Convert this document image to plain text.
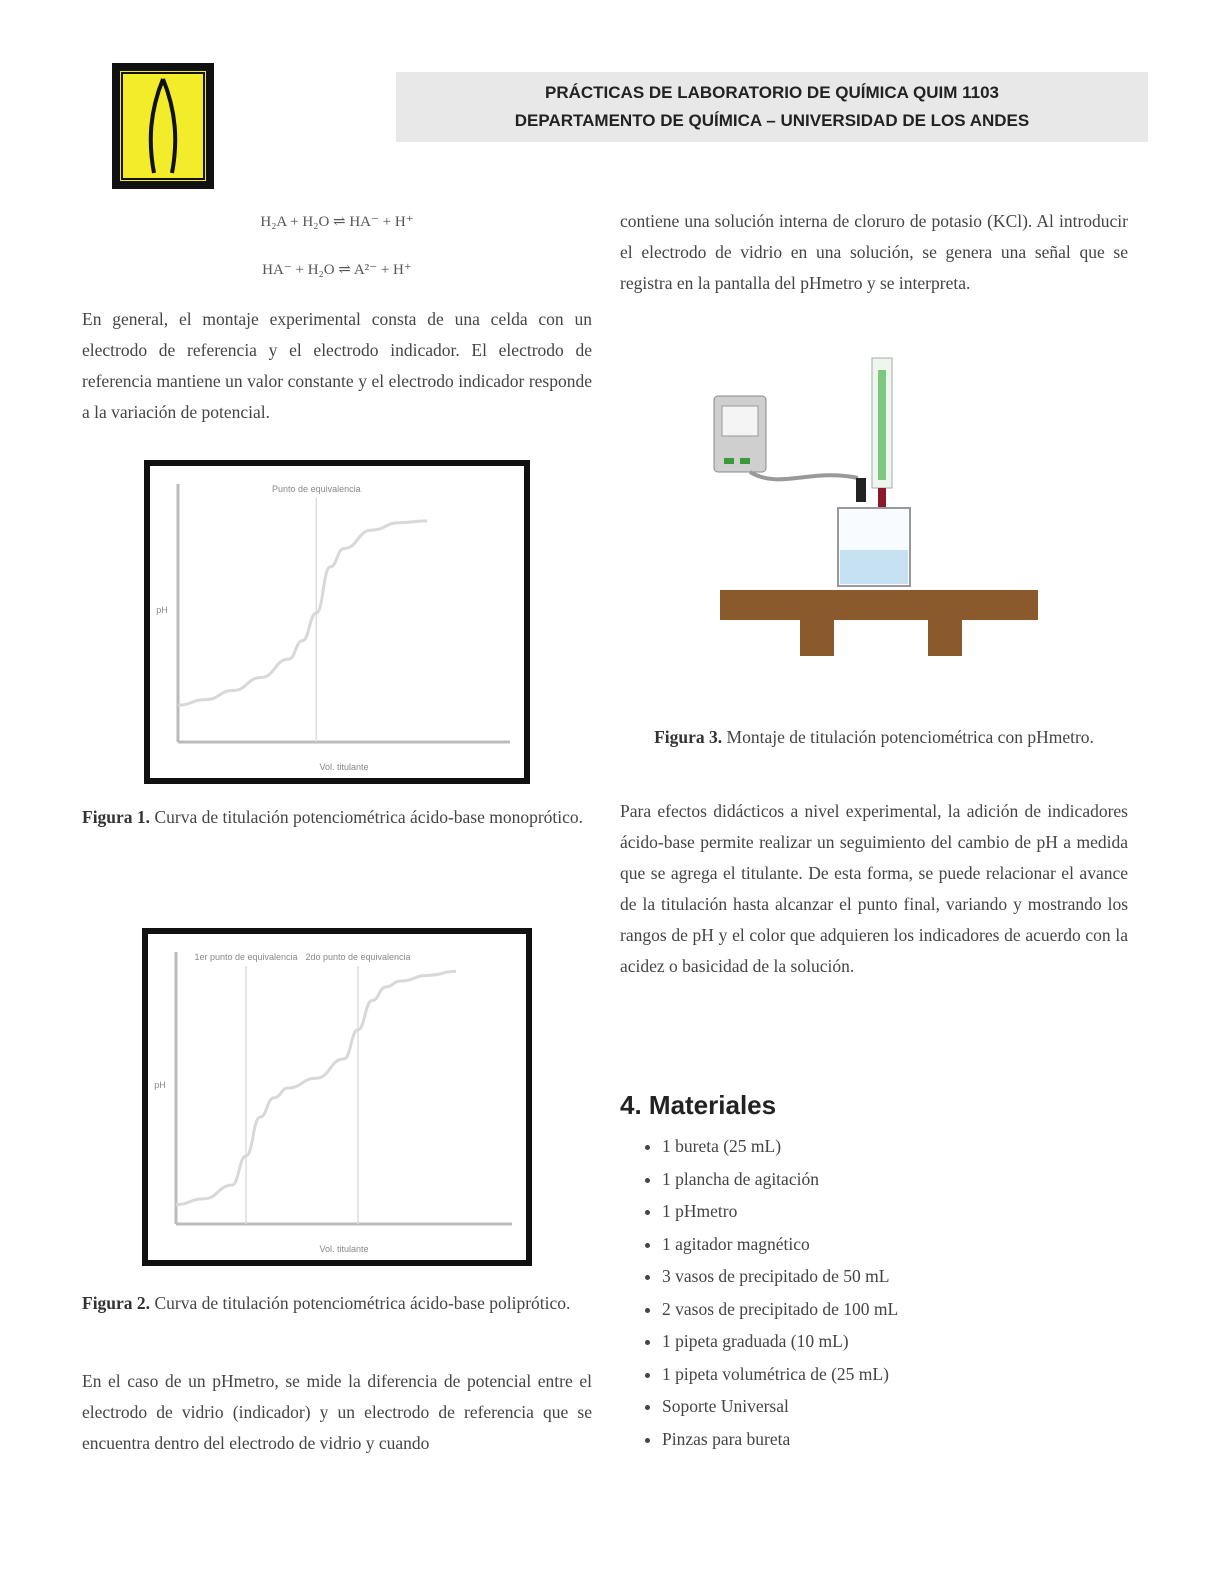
PRÁCTICAS DE LABORATORIO DE QUÍMICA QUIM 1103
DEPARTAMENTO DE QUÍMICA – UNIVERSIDAD DE LOS ANDES
H₂A + H₂O ⇌ HA⁻ + H⁺
HA⁻ + H₂O ⇌ A²⁻ + H⁺
En general, el montaje experimental consta de una celda con un electrodo de referencia y el electrodo indicador. El electrodo de referencia mantiene un valor constante y el electrodo indicador responde a la variación de potencial.
Punto de equivalencia
Vol. titulante
pH
Figura 1. Curva de titulación potenciométrica ácido-base monoprótico.
1er punto de equivalencia 2do punto de equivalencia
Vol. titulante
pH
Figura 2. Curva de titulación potenciométrica ácido-base poliprótico.
En el caso de un pHmetro, se mide la diferencia de potencial entre el electrodo de vidrio (indicador) y un electrodo de referencia que se encuentra dentro del electrodo de vidrio y cuando
contiene una solución interna de cloruro de potasio (KCl). Al introducir el electrodo de vidrio en una solución, se genera una señal que se registra en la pantalla del pHmetro y se interpreta.
Figura 3. Montaje de titulación potenciométrica con pHmetro.
Para efectos didácticos a nivel experimental, la adición de indicadores ácido-base permite realizar un seguimiento del cambio de pH a medida que se agrega el titulante. De esta forma, se puede relacionar el avance de la titulación hasta alcanzar el punto final, variando y mostrando los rangos de pH y el color que adquieren los indicadores de acuerdo con la acidez o basicidad de la solución.
4. Materiales
• 1 bureta (25 mL)
• 1 plancha de agitación
• 1 pHmetro
• 1 agitador magnético
• 3 vasos de precipitado de 50 mL
• 2 vasos de precipitado de 100 mL
• 1 pipeta graduada (10 mL)
• 1 pipeta volumétrica de (25 mL)
• Soporte Universal
• Pinzas para bureta
